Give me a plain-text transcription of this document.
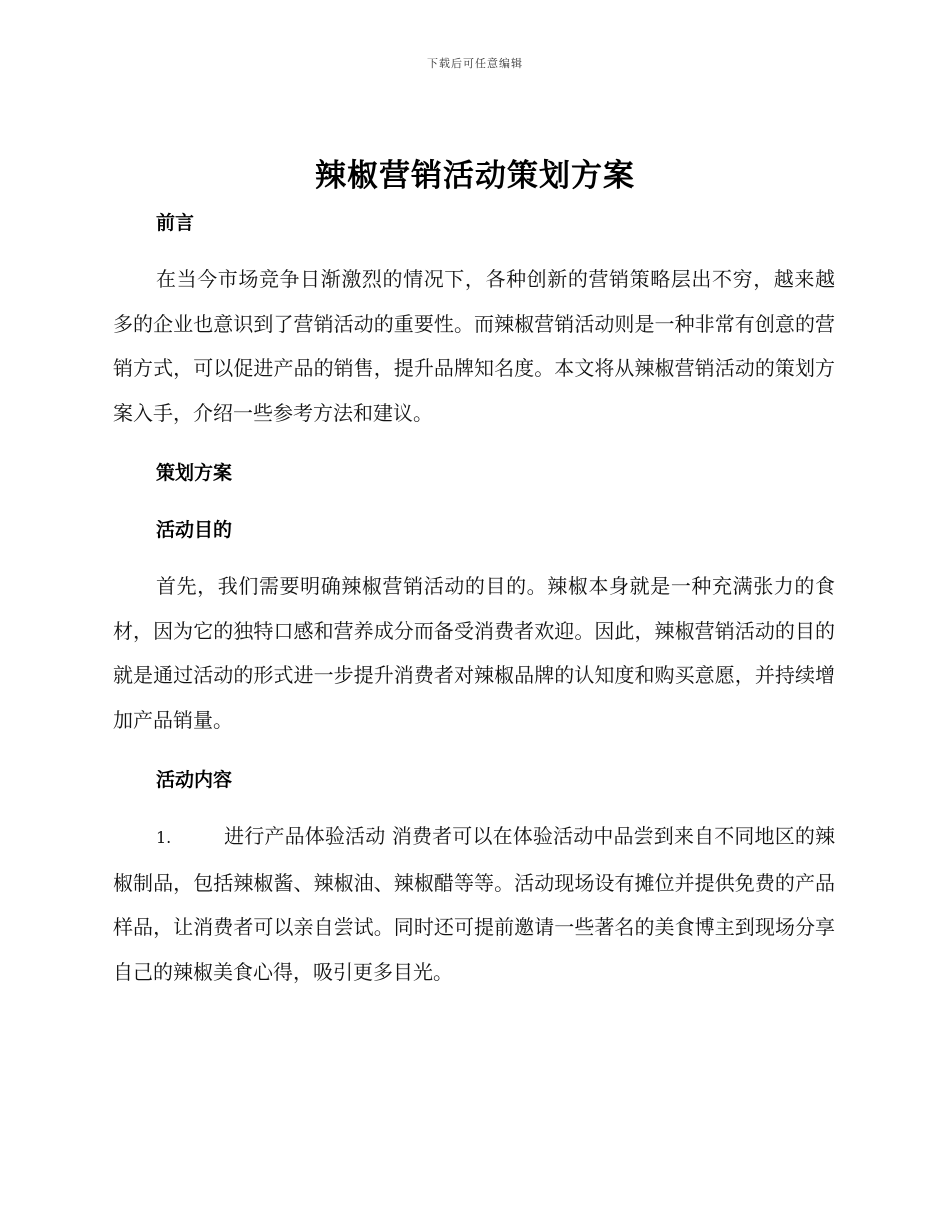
下载后可任意编辑
辣椒营销活动策划方案
前言

在当今市场竞争日渐激烈的情况下，各种创新的营销策略层出不穷，越来越多的企业也意识到了营销活动的重要性。而辣椒营销活动则是一种非常有创意的营销方式，可以促进产品的销售，提升品牌知名度。本文将从辣椒营销活动的策划方案入手，介绍一些参考方法和建议。

策划方案
活动目的

首先，我们需要明确辣椒营销活动的目的。辣椒本身就是一种充满张力的食材，因为它的独特口感和营养成分而备受消费者欢迎。因此，辣椒营销活动的目的就是通过活动的形式进一步提升消费者对辣椒品牌的认知度和购买意愿，并持续增加产品销量。

活动内容

1.	进行产品体验活动 消费者可以在体验活动中品尝到来自不同地区的辣椒制品，包括辣椒酱、辣椒油、辣椒醋等等。活动现场设有摊位并提供免费的产品样品，让消费者可以亲自尝试。同时还可提前邀请一些著名的美食博主到现场分享自己的辣椒美食心得，吸引更多目光。
